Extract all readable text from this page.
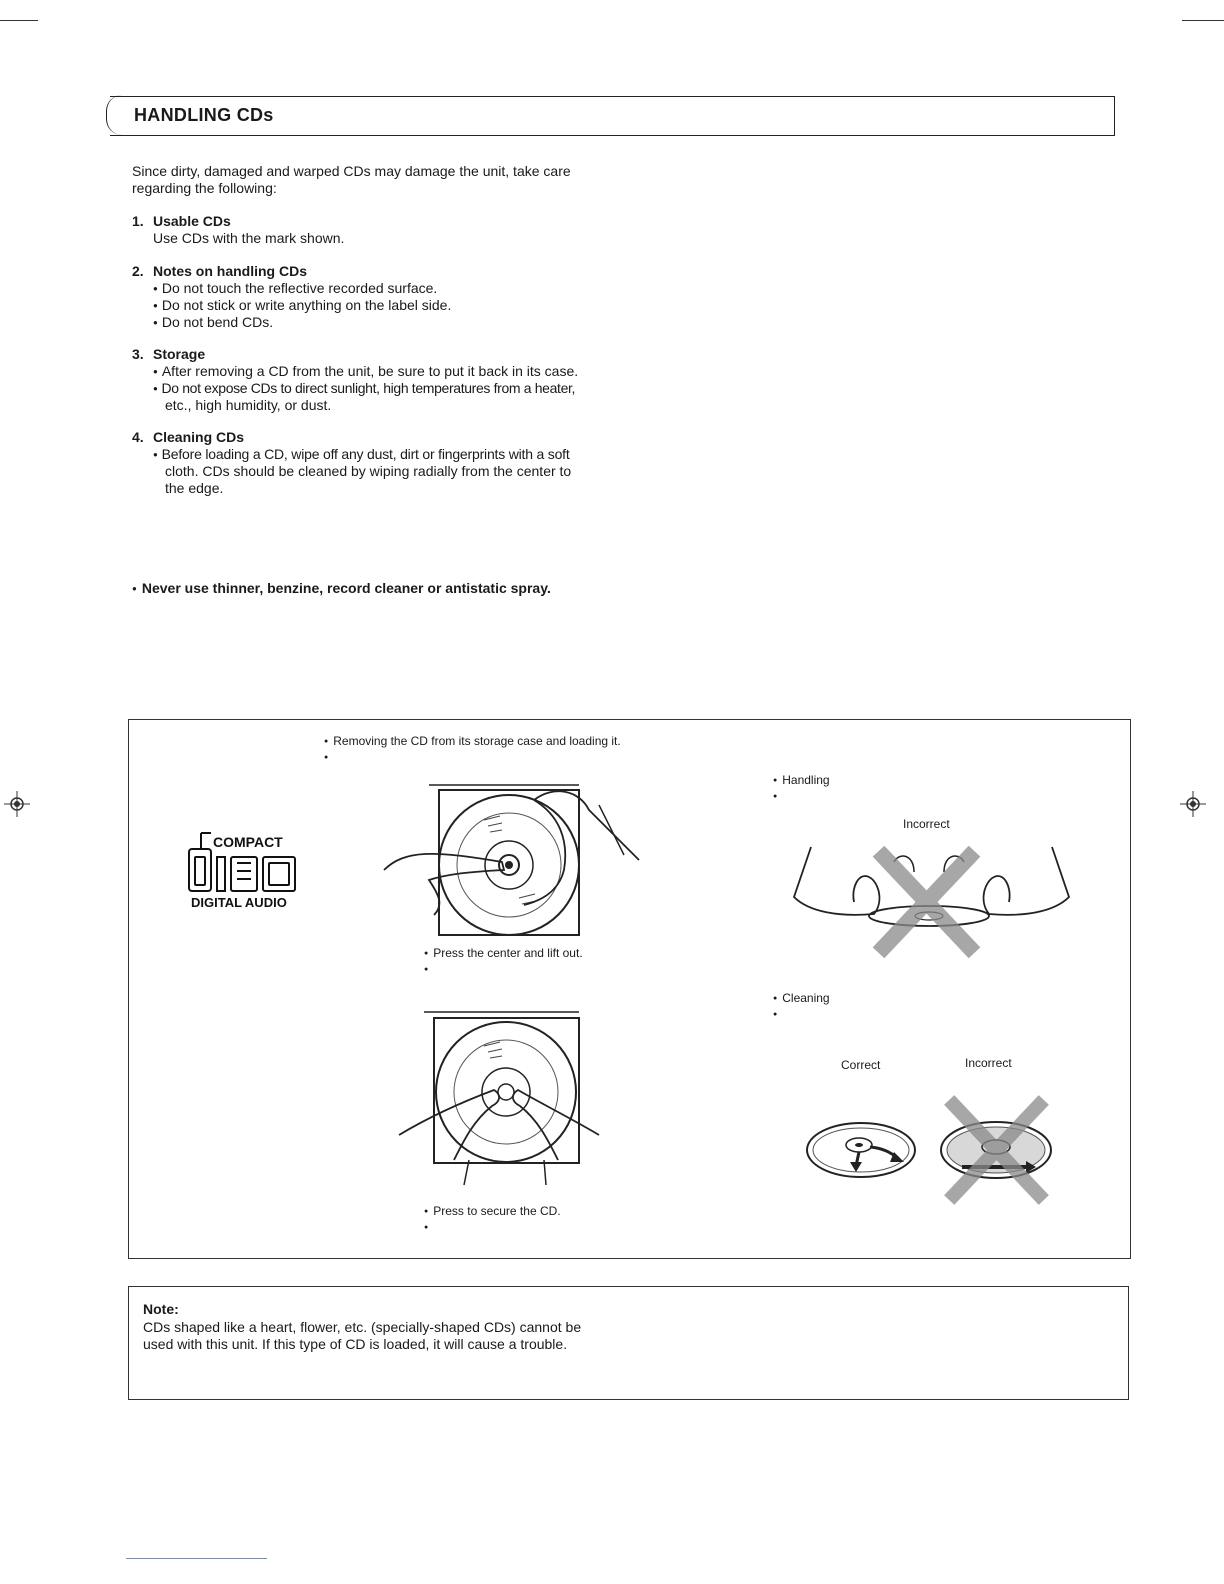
HANDLING CDs
Since dirty, damaged and warped CDs may damage the unit, take care regarding the following:
1. Usable CDs
Use CDs with the mark shown.
2. Notes on handling CDs
● Do not touch the reflective recorded surface.
● Do not stick or write anything on the label side.
● Do not bend CDs.
3. Storage
● After removing a CD from the unit, be sure to put it back in its case.
● Do not expose CDs to direct sunlight, high temperatures from a heater,
etc., high humidity, or dust.
4. Cleaning CDs
● Before loading a CD, wipe off any dust, dirt or fingerprints with a soft
cloth. CDs should be cleaned by wiping radially from the center to
the edge.
● Never use thinner, benzine, record cleaner or antistatic spray.
COMPACT
DIGITAL AUDIO
● Removing the CD from its storage case and loading it.
●
● Press the center and lift out.
●
● Press to secure the CD.
●
● Handling
●
Incorrect
● Cleaning
●
Correct	Incorrect
Note:
CDs shaped like a heart, flower, etc. (specially-shaped CDs) cannot be
used with this unit. If this type of CD is loaded, it will cause a trouble.
